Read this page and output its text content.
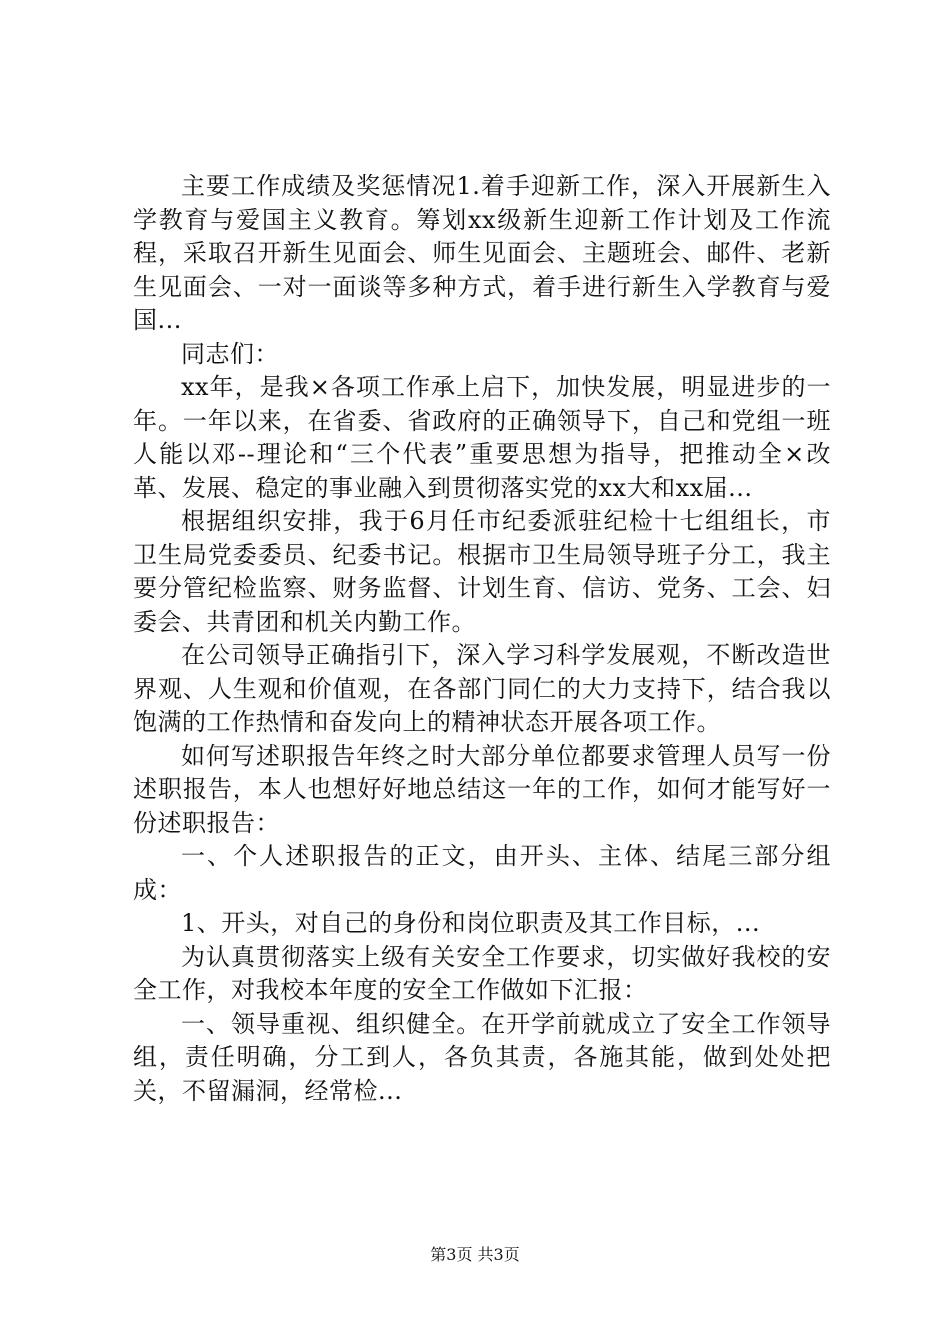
主要工作成绩及奖惩情况1.着手迎新工作，深入开展新生入学教育与爱国主义教育。筹划xx级新生迎新工作计划及工作流程，采取召开新生见面会、师生见面会、主题班会、邮件、老新生见面会、一对一面谈等多种方式，着手进行新生入学教育与爱国...

同志们：

xx年，是我×各项工作承上启下，加快发展，明显进步的一年。一年以来，在省委、省政府的正确领导下，自己和党组一班人能以邓--理论和“三个代表”重要思想为指导，把推动全×改革、发展、稳定的事业融入到贯彻落实党的xx大和xx届...

根据组织安排，我于6月任市纪委派驻纪检十七组组长，市卫生局党委委员、纪委书记。根据市卫生局领导班子分工，我主要分管纪检监察、财务监督、计划生育、信访、党务、工会、妇委会、共青团和机关内勤工作。

在公司领导正确指引下，深入学习科学发展观，不断改造世界观、人生观和价值观，在各部门同仁的大力支持下，结合我以饱满的工作热情和奋发向上的精神状态开展各项工作。

如何写述职报告年终之时大部分单位都要求管理人员写一份述职报告，本人也想好好地总结这一年的工作，如何才能写好一份述职报告：

一、个人述职报告的正文，由开头、主体、结尾三部分组成：

1、开头，对自己的身份和岗位职责及其工作目标，...

为认真贯彻落实上级有关安全工作要求，切实做好我校的安全工作，对我校本年度的安全工作做如下汇报：

一、领导重视、组织健全。在开学前就成立了安全工作领导组，责任明确，分工到人，各负其责，各施其能，做到处处把关，不留漏洞，经常检...

第3页 共3页
